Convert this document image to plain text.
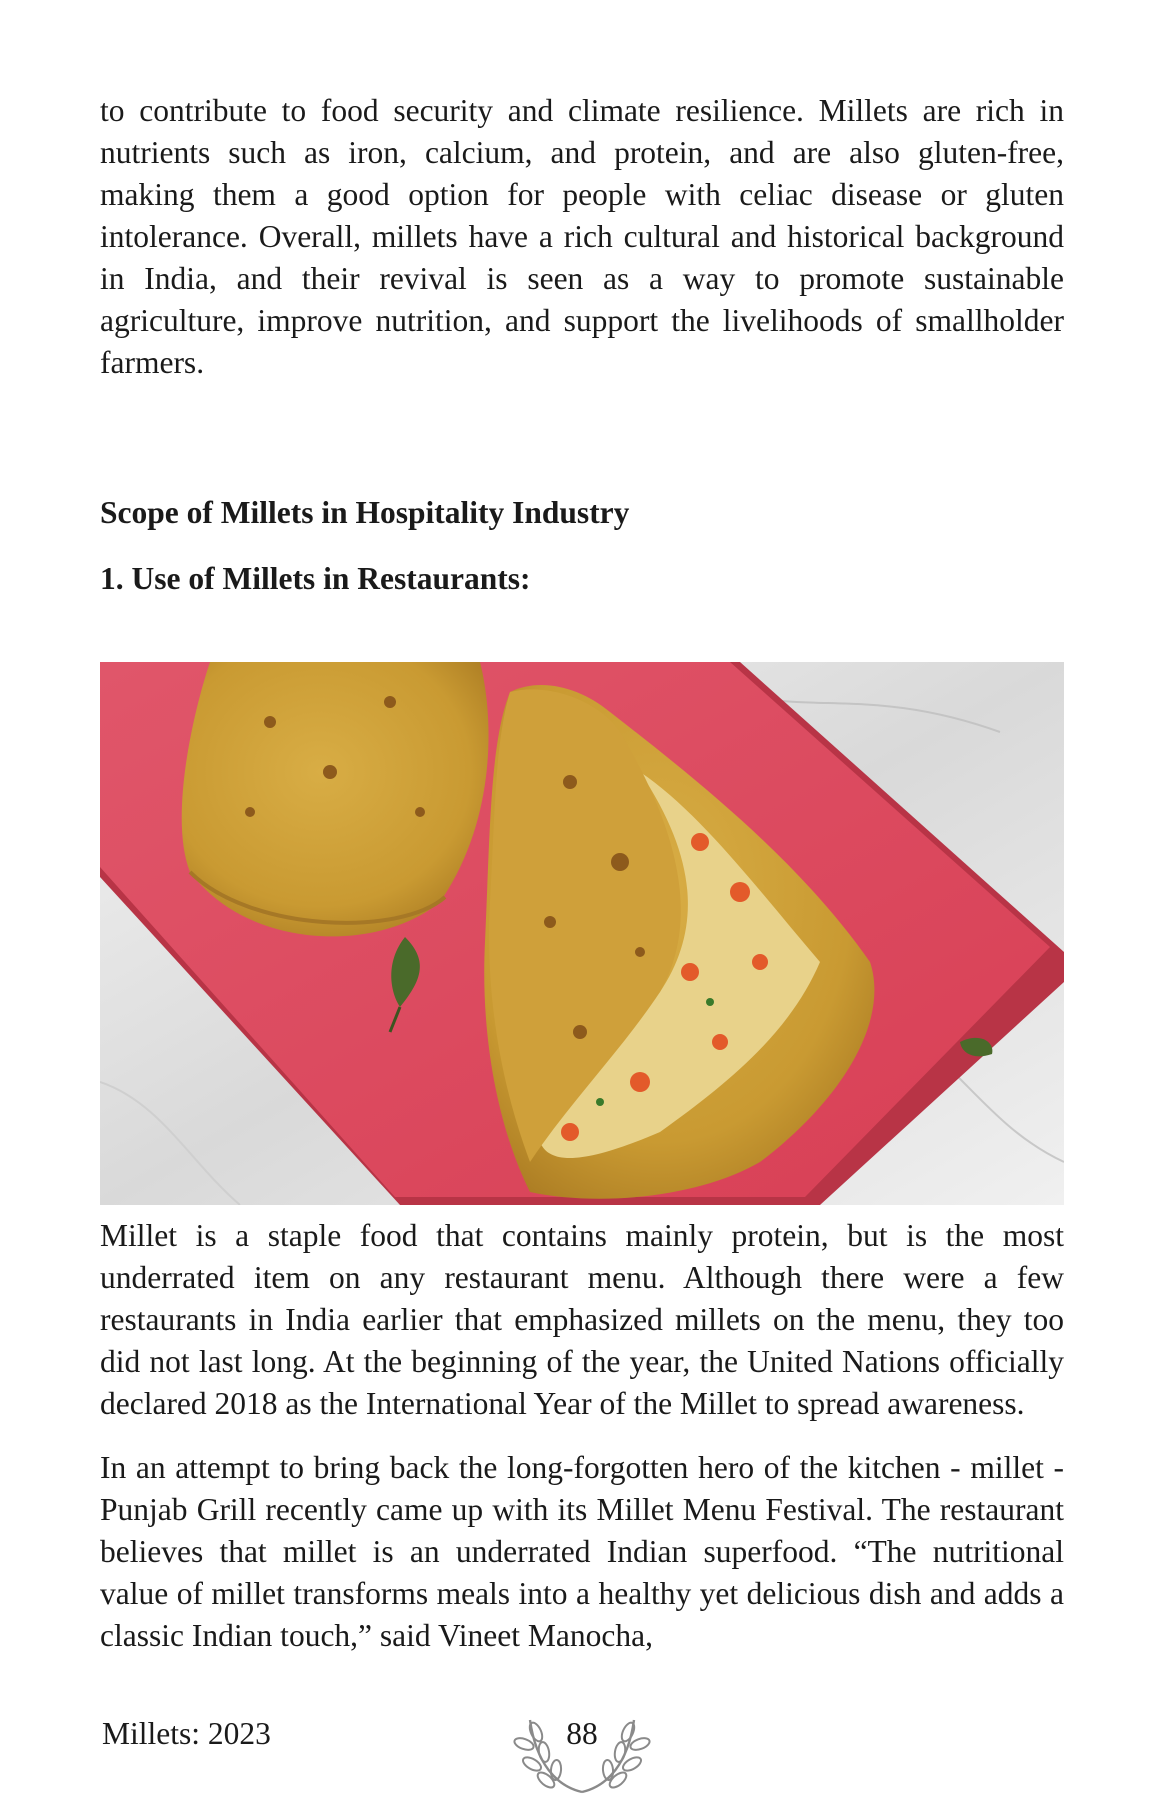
to contribute to food security and climate resilience. Millets are rich in nutrients such as iron, calcium, and protein, and are also gluten-free, making them a good option for people with celiac disease or gluten intolerance. Overall, millets have a rich cultural and historical background in India, and their revival is seen as a way to promote sustainable agriculture, improve nutrition, and support the livelihoods of smallholder farmers.

Scope of Millets in Hospitality Industry

1. Use of Millets in Restaurants:

Millet is a staple food that contains mainly protein, but is the most underrated item on any restaurant menu. Although there were a few restaurants in India earlier that emphasized millets on the menu, they too did not last long. At the beginning of the year, the United Nations officially declared 2018 as the International Year of the Millet to spread awareness.

In an attempt to bring back the long-forgotten hero of the kitchen - millet - Punjab Grill recently came up with its Millet Menu Festival. The restaurant believes that millet is an underrated Indian superfood. “The nutritional value of millet transforms meals into a healthy yet delicious dish and adds a classic Indian touch,” said Vineet Manocha,

Millets: 2023	88
